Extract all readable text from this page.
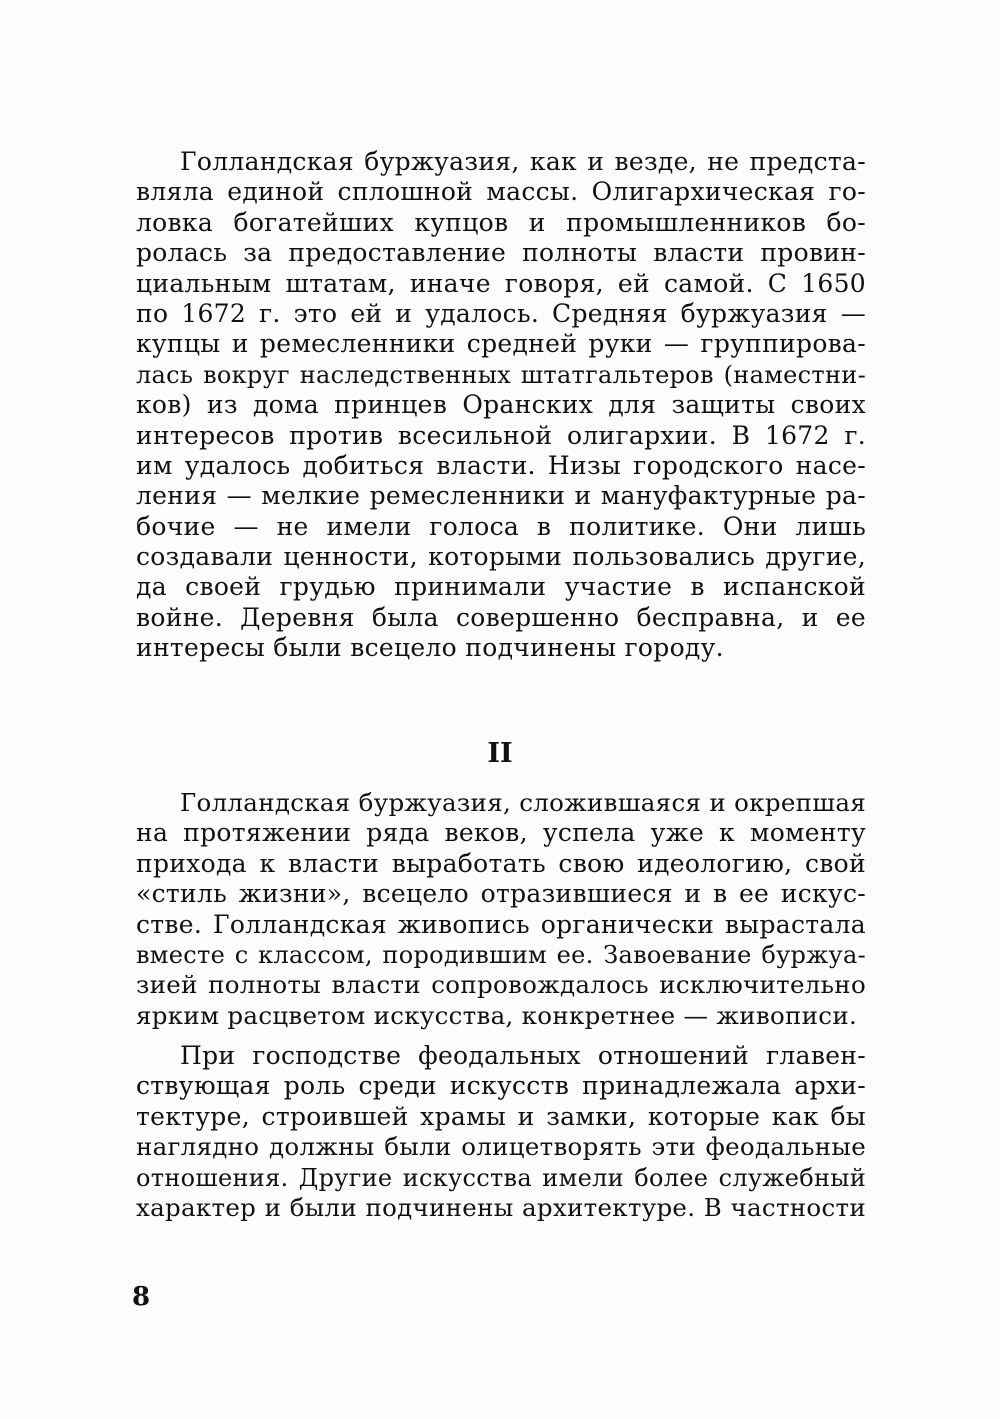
Голландская буржуазия, как и везде, не предста-
вляла единой сплошной массы. Олигархическая го-
ловка богатейших купцов и промышленников бо-
ролась за предоставление полноты власти провин-
циальным штатам, иначе говоря, ей самой. С 1650
по 1672 г. это ей и удалось. Средняя буржуазия —
купцы и ремесленники средней руки — группирова-
лась вокруг наследственных штатгальтеров (наместни-
ков) из дома принцев Оранских для защиты своих
интересов против всесильной олигархии. В 1672 г.
им удалось добиться власти. Низы городского насе-
ления — мелкие ремесленники и мануфактурные ра-
бочие — не имели голоса в политике. Они лишь
создавали ценности, которыми пользовались другие,
да своей грудью принимали участие в испанской
войне. Деревня была совершенно бесправна, и ее
интересы были всецело подчинены городу.
II
Голландская буржуазия, сложившаяся и окрепшая
на протяжении ряда веков, успела уже к моменту
прихода к власти выработать свою идеологию, свой
«стиль жизни», всецело отразившиеся и в ее искус-
стве. Голландская живопись органически вырастала
вместе с классом, породившим ее. Завоевание буржуа-
зией полноты власти сопровождалось исключительно
ярким расцветом искусства, конкретнее — живописи.
При господстве феодальных отношений главен-
ствующая роль среди искусств принадлежала архи-
тектуре, строившей храмы и замки, которые как бы
наглядно должны были олицетворять эти феодальные
отношения. Другие искусства имели более служебный
характер и были подчинены архитектуре. В частности
8
